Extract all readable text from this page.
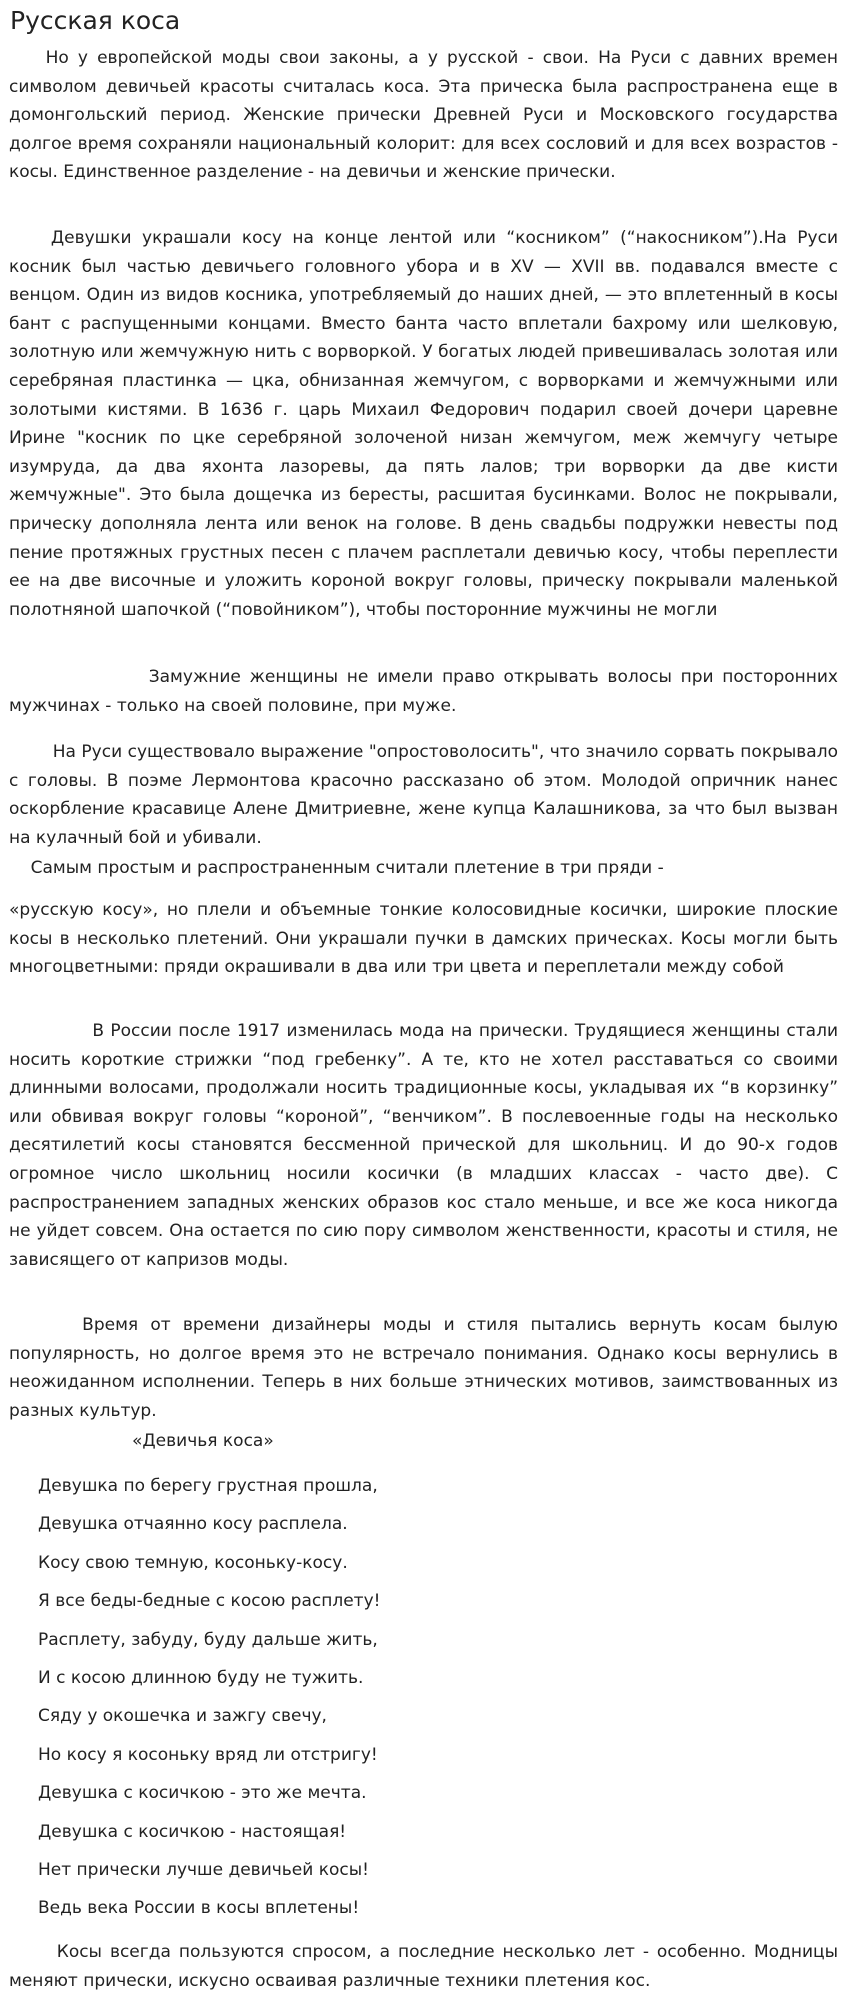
Русская коса

Но у европейской моды свои законы, а у русской - свои. На Руси с давних времен символом девичьей красоты считалась коса. Эта прическа была распространена еще в домонгольский период. Женские прически Древней Руси и Московского государства долгое время сохраняли национальный колорит: для всех сословий и для всех возрастов - косы. Единственное разделение - на девичьи и женские прически.

Девушки украшали косу на конце лентой или “косником” (“накосником”).На Руси косник был частью девичьего головного убора и в XV — XVII вв. подавался вместе с венцом. Один из видов косника, употребляемый до наших дней, — это вплетенный в косы бант с распущенными концами. Вместо банта часто вплетали бахрому или шелковую, золотную или жемчужную нить с ворворкой. У богатых людей привешивалась золотая или серебряная пластинка — цка, обнизанная жемчугом, с ворворками и жемчужными или золотыми кистями. В 1636 г. царь Михаил Федорович подарил своей дочери царевне Ирине "косник по цке серебряной золоченой низан жемчугом, меж жемчугу четыре изумруда, да два яхонта лазоревы, да пять лалов; три ворворки да две кисти жемчужные". Это была дощечка из бересты, расшитая бусинками. Волос не покрывали, прическу дополняла лента или венок на голове. В день свадьбы подружки невесты под пение протяжных грустных песен с плачем расплетали девичью косу, чтобы переплести ее на две височные и уложить короной вокруг головы, прическу покрывали маленькой полотняной шапочкой (“повойником”), чтобы посторонние мужчины не могли

Замужние женщины не имели право открывать волосы при посторонних мужчинах - только на своей половине, при муже.

На Руси существовало выражение "опростоволосить", что значило сорвать покрывало с головы. В поэме Лермонтова красочно рассказано об этом. Молодой опричник нанес оскорбление красавице Алене Дмитриевне, жене купца Калашникова, за что был вызван на кулачный бой и убивали.

Самым простым и распространенным считали плетение в три пряди -

«русскую косу», но плели и объемные тонкие колосовидные косички, широкие плоские косы в несколько плетений. Они украшали пучки в дамских прическах. Косы могли быть многоцветными: пряди окрашивали в два или три цвета и переплетали между собой

В России после 1917 изменилась мода на прически. Трудящиеся женщины стали носить короткие стрижки “под гребенку”. А те, кто не хотел расставаться со своими длинными волосами, продолжали носить традиционные косы, укладывая их “в корзинку” или обвивая вокруг головы “короной”, “венчиком”. В послевоенные годы на несколько десятилетий косы становятся бессменной прической для школьниц. И до 90-х годов огромное число школьниц носили косички (в младших классах - часто две). С распространением западных женских образов кос стало меньше, и все же коса никогда не уйдет совсем. Она остается по сию пору символом женственности, красоты и стиля, не зависящего от капризов моды.

Время от времени дизайнеры моды и стиля пытались вернуть косам былую популярность, но долгое время это не встречало понимания. Однако косы вернулись в неожиданном исполнении. Теперь в них больше этнических мотивов, заимствованных из разных культур.

«Девичья коса»
Девушка по берегу грустная прошла,
Девушка отчаянно косу расплела.
Косу свою темную, косоньку-косу.
Я все беды-бедные с косою расплету!
Расплету, забуду, буду дальше жить,
И с косою длинною буду не тужить.
Сяду у окошечка и зажгу свечу,
Но косу я косоньку вряд ли отстригу!
Девушка с косичкою - это же мечта.
Девушка с косичкою - настоящая!
Нет прически лучше девичьей косы!
Ведь века России в косы вплетены!

Косы всегда пользуются спросом, а последние несколько лет - особенно. Модницы меняют прически, искусно осваивая различные техники плетения кос.
